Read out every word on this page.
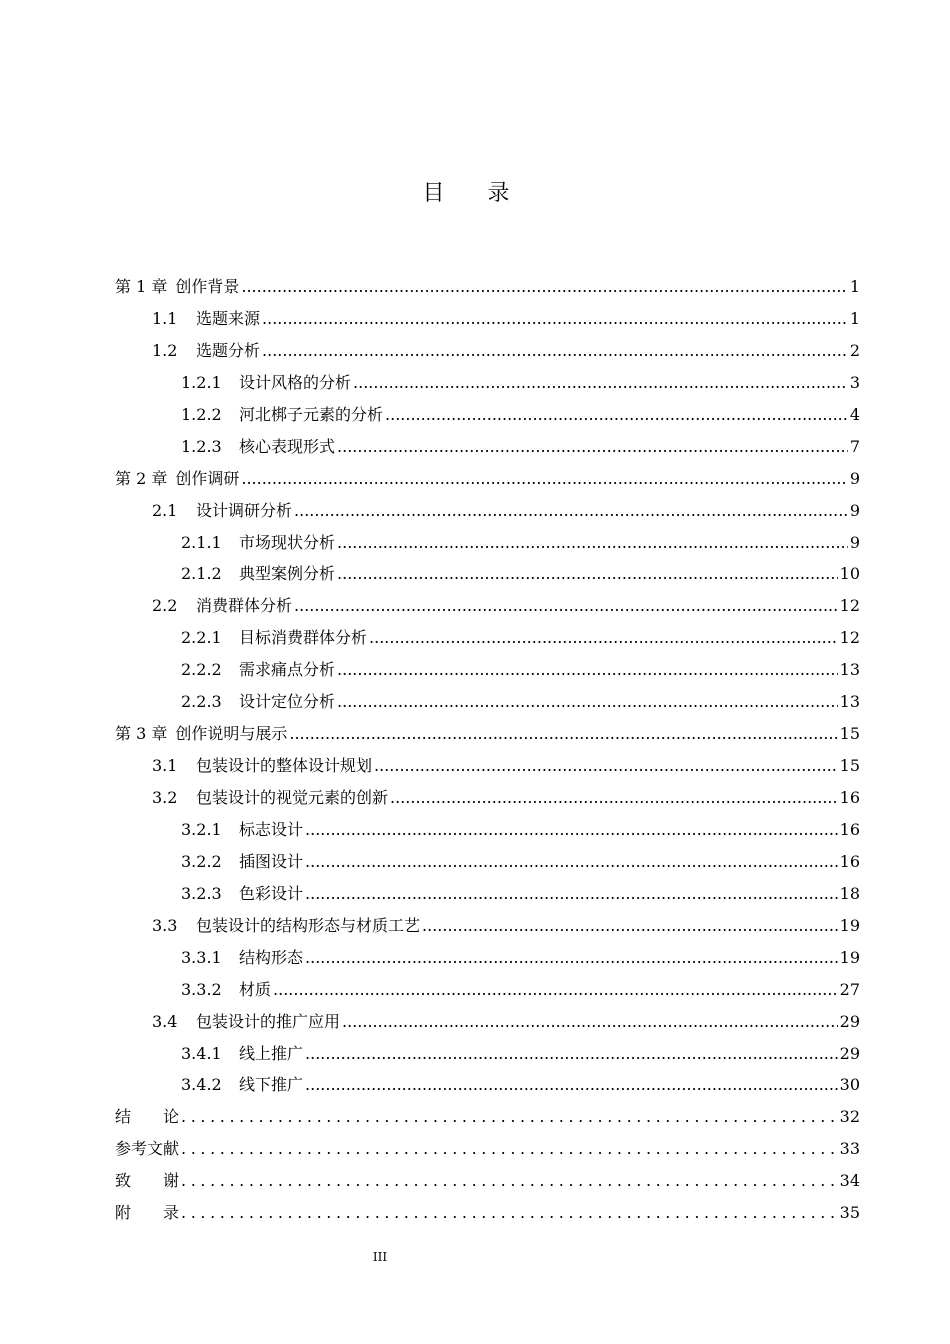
目 录
第 1 章 创作背景 .....	1
1.1	选题来源 .....	1
1.2	选题分析 .....	2
1.2.1	设计风格的分析 .....	3
1.2.2	河北梆子元素的分析 .....	4
1.2.3	核心表现形式 .....	7
第 2 章 创作调研 .....	9
2.1	设计调研分析 .....	9
2.1.1	市场现状分析 .....	9
2.1.2	典型案例分析 .....	10
2.2	消费群体分析 .....	12
2.2.1	目标消费群体分析 .....	12
2.2.2	需求痛点分析 .....	13
2.2.3	设计定位分析 .....	13
第 3 章 创作说明与展示 .....	15
3.1	包装设计的整体设计规划 .....	15
3.2	包装设计的视觉元素的创新 .....	16
3.2.1	标志设计 .....	16
3.2.2	插图设计 .....	16
3.2.3	色彩设计 .....	18
3.3	包装设计的结构形态与材质工艺 .....	19
3.3.1	结构形态 .....	19
3.3.2	材质 .....	27
3.4	包装设计的推广应用 .....	29
3.4.1	线上推广 .....	29
3.4.2	线下推广 .....	30
结　　论 .....	32
参考文献 .....	33
致　　谢 .....	34
附　　录 .....	35
III
